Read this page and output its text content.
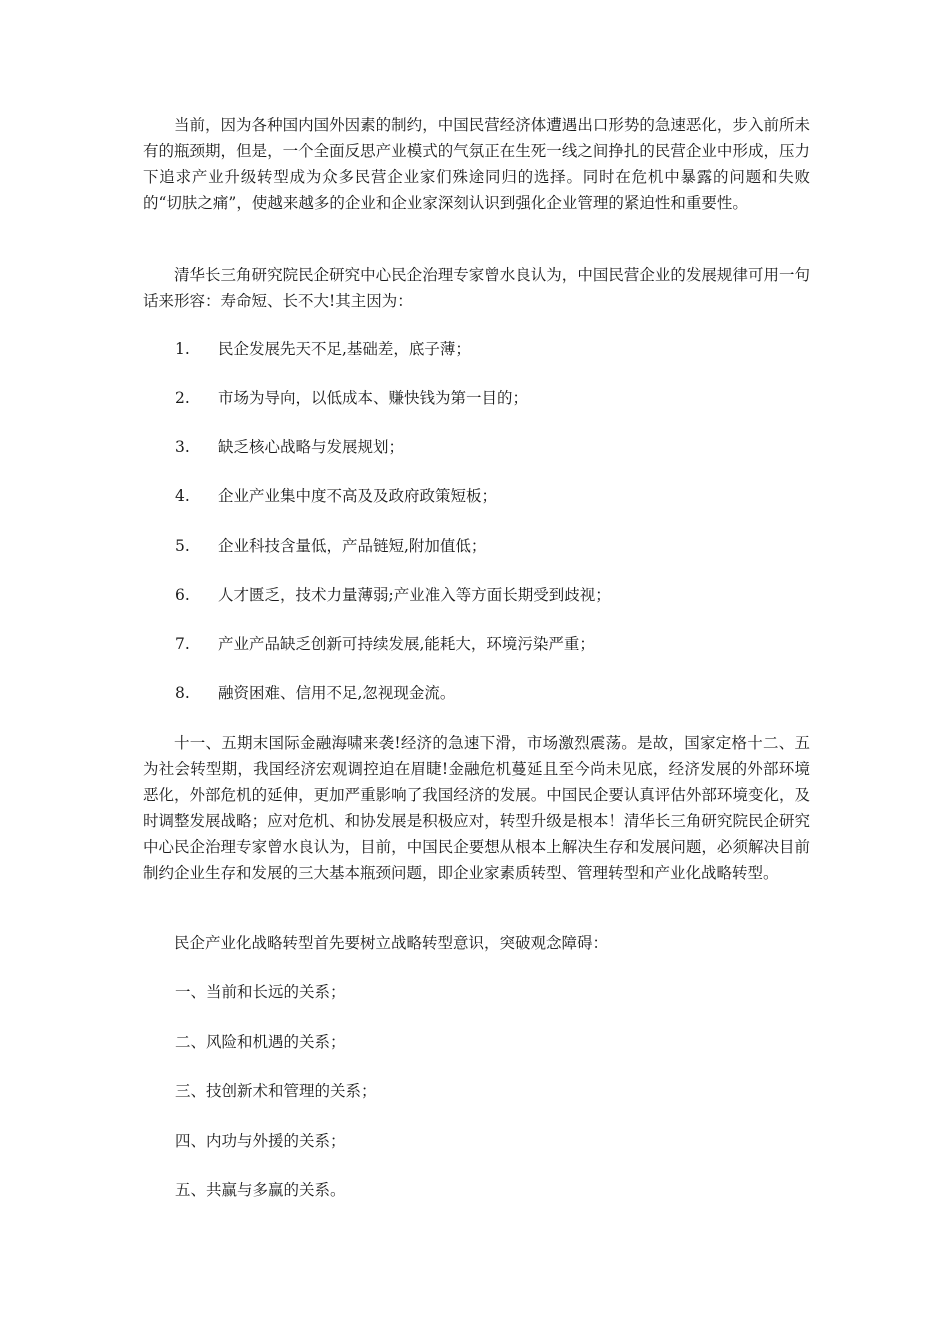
当前，因为各种国内国外因素的制约，中国民营经济体遭遇出口形势的急速恶化，步入前所未有的瓶颈期，但是，一个全面反思产业模式的气氛正在生死一线之间挣扎的民营企业中形成，压力下追求产业升级转型成为众多民营企业家们殊途同归的选择。同时在危机中暴露的问题和失败的“切肤之痛”，使越来越多的企业和企业家深刻认识到强化企业管理的紧迫性和重要性。

清华长三角研究院民企研究中心民企治理专家曾水良认为，中国民营企业的发展规律可用一句话来形容：寿命短、长不大!其主因为：

1. 民企发展先天不足,基础差，底子薄；
2. 市场为导向，以低成本、赚快钱为第一目的；
3. 缺乏核心战略与发展规划；
4. 企业产业集中度不高及及政府政策短板；
5. 企业科技含量低，产品链短,附加值低；
6. 人才匮乏，技术力量薄弱;产业准入等方面长期受到歧视；
7. 产业产品缺乏创新可持续发展,能耗大，环境污染严重；
8. 融资困难、信用不足,忽视现金流。

十一、五期末国际金融海啸来袭!经济的急速下滑，市场激烈震荡。是故，国家定格十二、五为社会转型期，我国经济宏观调控迫在眉睫!金融危机蔓延且至今尚未见底，经济发展的外部环境恶化，外部危机的延伸，更加严重影响了我国经济的发展。中国民企要认真评估外部环境变化，及时调整发展战略；应对危机、和协发展是积极应对，转型升级是根本！清华长三角研究院民企研究中心民企治理专家曾水良认为，目前，中国民企要想从根本上解决生存和发展问题，必须解决目前制约企业生存和发展的三大基本瓶颈问题，即企业家素质转型、管理转型和产业化战略转型。

民企产业化战略转型首先要树立战略转型意识，突破观念障碍：

一、当前和长远的关系；
二、风险和机遇的关系；
三、技创新术和管理的关系；
四、内功与外援的关系；
五、共赢与多赢的关系。
